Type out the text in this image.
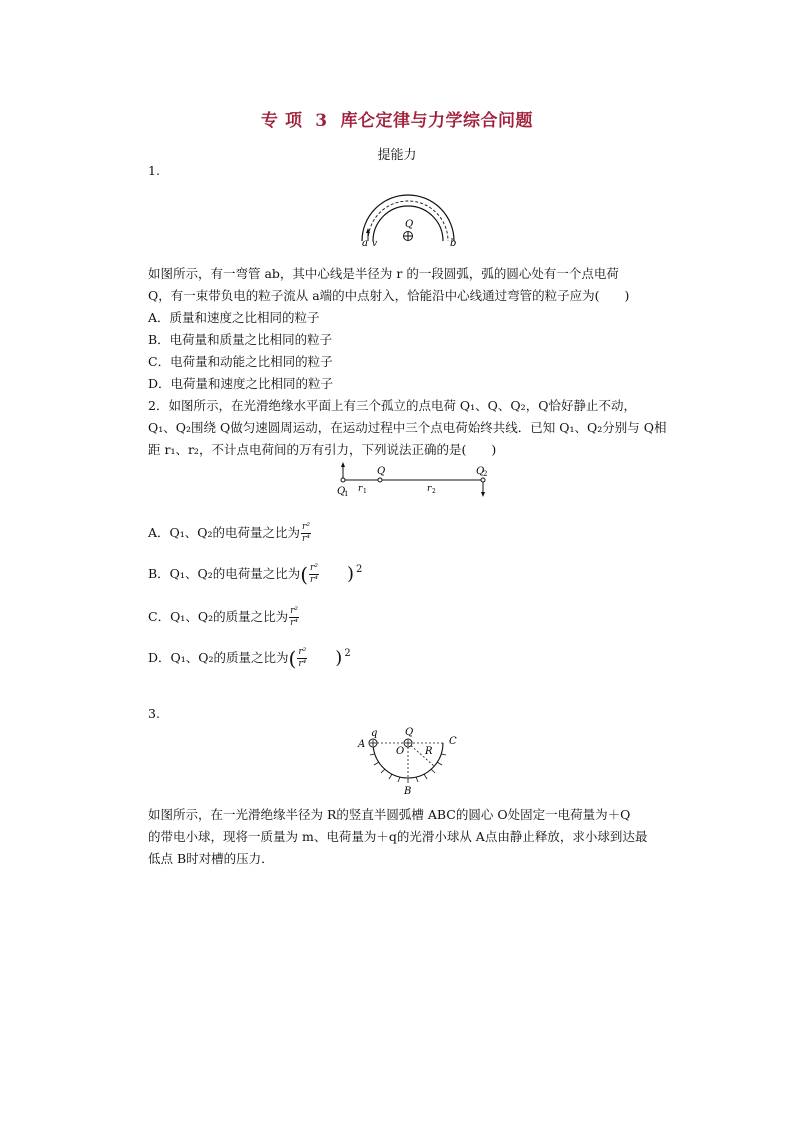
专 项  3  库仑定律与力学综合问题
提能力
1.
a v
Q
b
如图所示，有一弯管 ab，其中心线是半径为 r 的一段圆弧，弧的圆心处有一个点电荷
Q，有一束带负电的粒子流从 a端的中点射入，恰能沿中心线通过弯管的粒子应为(　　)
A．质量和速度之比相同的粒子
B．电荷量和质量之比相同的粒子
C．电荷量和动能之比相同的粒子
D．电荷量和速度之比相同的粒子
2．如图所示，在光滑绝缘水平面上有三个孤立的点电荷 Q₁、Q、Q₂，Q恰好静止不动，
Q₁、Q₂围绕 Q做匀速圆周运动，在运动过程中三个点电荷始终共线．已知 Q₁、Q₂分别与 Q相
距 r₁、r₂，不计点电荷间的万有引力，下列说法正确的是(　　)
Q
1
Q
r 1	r 2
Q
2
A．Q₁、Q₂的电荷量之比为 $\frac{\text{r²}}{\text{r⁴}}$
B．Q₁、Q₂的电荷量之比为( $\frac{\text{r²}}{\text{r⁴}}$ ) $^2$
C．Q₁、Q₂的质量之比为 $\frac{\text{r²}}{\text{r⁴}}$
D．Q₁、Q₂的质量之比为( $\frac{\text{r²}}{\text{r⁴}}$ ) $^2$
3.
q	Q
A
O R
C
B
如图所示，在一光滑绝缘半径为 R的竖直半圆弧槽 ABC的圆心 O处固定一电荷量为＋Q
的带电小球，现将一质量为 m、电荷量为＋q的光滑小球从 A点由静止释放，求小球到达最
低点 B时对槽的压力．
